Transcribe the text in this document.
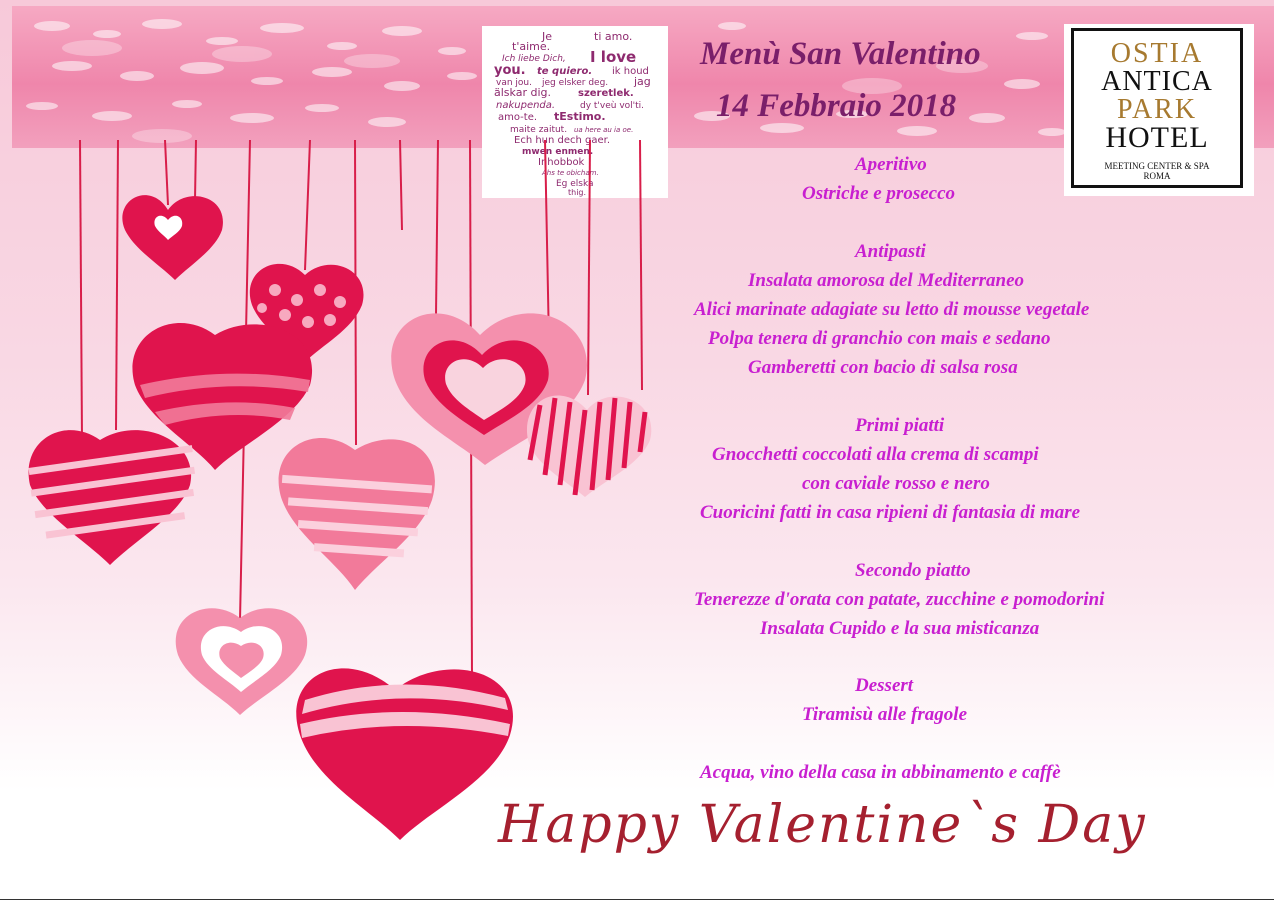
Je	ti amo.
t'aime.
Ich liebe Dich, I love
you. te quiero. ik houd
van jou. jeg elsker deg. jag
älskar dig.	szeretlek.
nakupenda.	dy t'veù vol'ti.
amo-te. tEstimo.
maite zaitut. ua here au ia oe.
Ech hun dech gaer.
mwen enmen.
Inhobbok
Ahs te obicham.
Eg elska
thig.
Menù San Valentino
14 Febbraio 2018
OSTIA
ANTICA
PARK
HOTEL
MEETING CENTER & SPA
ROMA
Aperitivo
Ostriche e prosecco
Antipasti
Insalata amorosa del Mediterraneo
Alici marinate adagiate su letto di mousse vegetale
Polpa tenera di granchio con mais e sedano
Gamberetti con bacio di salsa rosa
Primi piatti
Gnocchetti coccolati alla crema di scampi
con caviale rosso e nero
Cuoricini fatti in casa ripieni di fantasia di mare
Secondo piatto
Tenerezze d'orata con patate, zucchine e pomodorini
Insalata Cupido e la sua misticanza
Dessert
Tiramisù alle fragole
Acqua, vino della casa in abbinamento e caffè
Happy Valentine`s Day
